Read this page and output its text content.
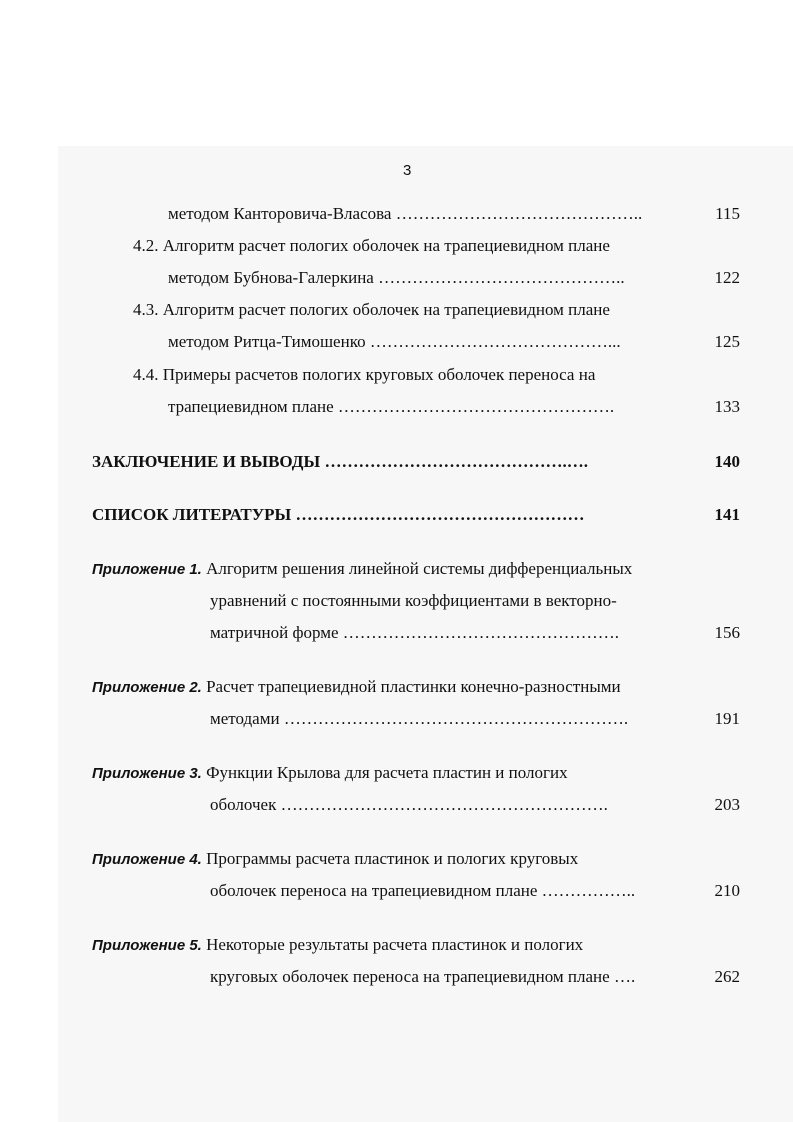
3
методом Канторовича-Власова ……………………………………..	115
4.2. Алгоритм расчет пологих оболочек на трапециевидном плане
методом Бубнова-Галеркина ……………………………………..	122
4.3. Алгоритм расчет пологих оболочек на трапециевидном плане
методом Ритца-Тимошенко ……………………………………...	125
4.4. Примеры расчетов пологих круговых оболочек переноса на
трапециевидном плане ………………………………………….	133
ЗАКЛЮЧЕНИЕ И ВЫВОДЫ …………………………………….….	140
СПИСОК ЛИТЕРАТУРЫ ……………………………………………	141
Приложение 1. Алгоритм решения линейной системы дифференциальных
уравнений с постоянными коэффициентами в векторно-
матричной форме ………………………………………….	156
Приложение 2. Расчет трапециевидной пластинки конечно-разностными
методами …………………………………………………….	191
Приложение 3. Функции Крылова для расчета пластин и пологих
оболочек ………………………………………………….	203
Приложение 4. Программы расчета пластинок и пологих круговых
оболочек переноса на трапециевидном плане ……………..	210
Приложение 5. Некоторые результаты расчета пластинок и пологих
круговых оболочек переноса на трапециевидном плане ….	262
